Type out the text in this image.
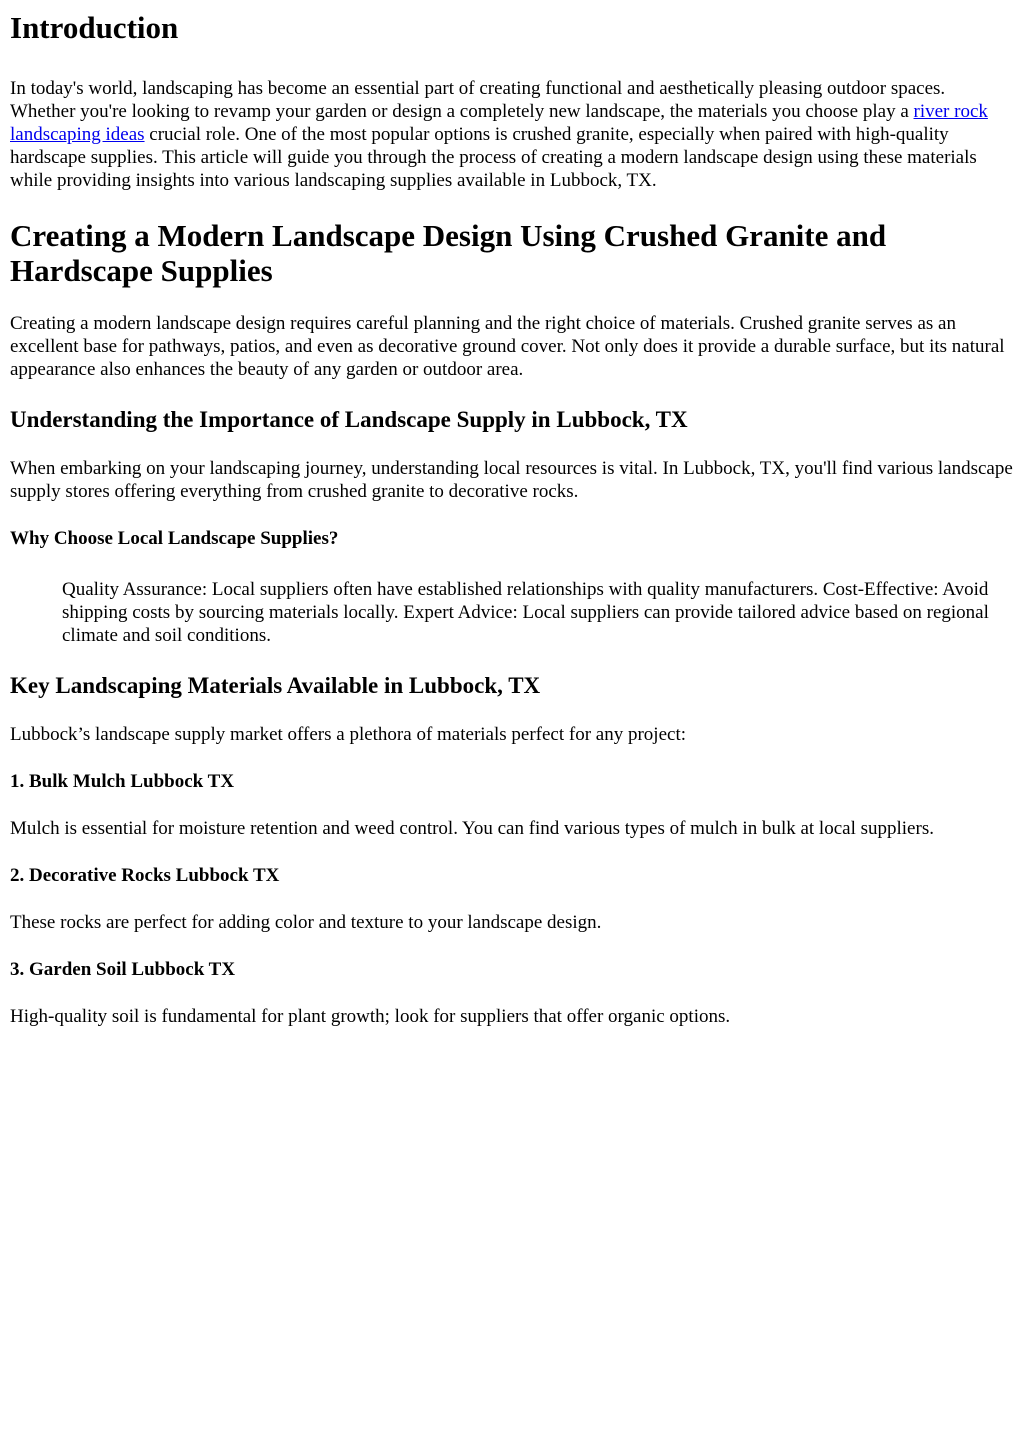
Introduction

In today's world, landscaping has become an essential part of creating functional and aesthetically pleasing outdoor spaces. Whether you're looking to revamp your garden or design a completely new landscape, the materials you choose play a river rock landscaping ideas crucial role. One of the most popular options is crushed granite, especially when paired with high-quality hardscape supplies. This article will guide you through the process of creating a modern landscape design using these materials while providing insights into various landscaping supplies available in Lubbock, TX.

Creating a Modern Landscape Design Using Crushed Granite and Hardscape Supplies

Creating a modern landscape design requires careful planning and the right choice of materials. Crushed granite serves as an excellent base for pathways, patios, and even as decorative ground cover. Not only does it provide a durable surface, but its natural appearance also enhances the beauty of any garden or outdoor area.

Understanding the Importance of Landscape Supply in Lubbock, TX

When embarking on your landscaping journey, understanding local resources is vital. In Lubbock, TX, you'll find various landscape supply stores offering everything from crushed granite to decorative rocks.

Why Choose Local Landscape Supplies?
Quality Assurance: Local suppliers often have established relationships with quality manufacturers. Cost-Effective: Avoid shipping costs by sourcing materials locally. Expert Advice: Local suppliers can provide tailored advice based on regional climate and soil conditions.
Key Landscaping Materials Available in Lubbock, TX

Lubbock’s landscape supply market offers a plethora of materials perfect for any project:

1. Bulk Mulch Lubbock TX

Mulch is essential for moisture retention and weed control. You can find various types of mulch in bulk at local suppliers.

2. Decorative Rocks Lubbock TX

These rocks are perfect for adding color and texture to your landscape design.

3. Garden Soil Lubbock TX

High-quality soil is fundamental for plant growth; look for suppliers that offer organic options.
